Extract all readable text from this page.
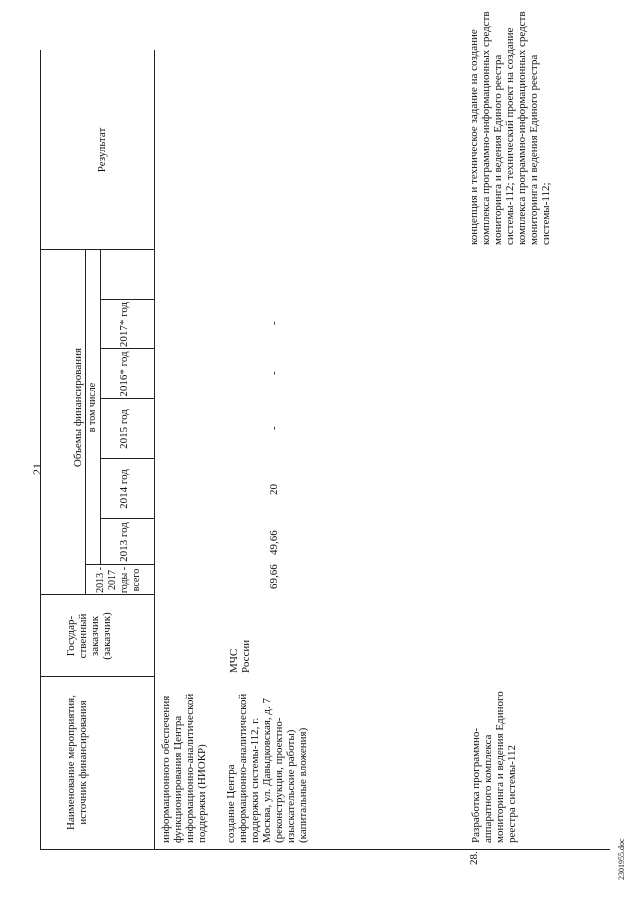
21
Наименование мероприятия, источник финансирования
Государ-ственный заказчик (заказчик)
Объемы финансирования
2013 - 2017 годы - всего
в том числе
2013 год
2014 год
2015 год
2016* год
2017* год
Результат
информационного обеспечения функционирования Центра информационно-аналитической поддержки (НИОКР) создание Центра информационно-аналитической поддержки системы-112, г. Москва, ул. Давыдковская, д. 7 (реконструкция, проектно-изыскательские работы) (капитальные вложения)
МЧС России
69,66
49,66
20
-
-
-
28.
Разработка программно-аппаратного комплекса мониторинга и ведения Единого реестра системы-112
концепция и техническое задание на создание комплекса программно-информационных средств мониторинга и ведения Единого реестра системы-112; технический проект на создание комплекса программно-информационных средств мониторинга и ведения Единого реестра системы-112;
2301955.doc
